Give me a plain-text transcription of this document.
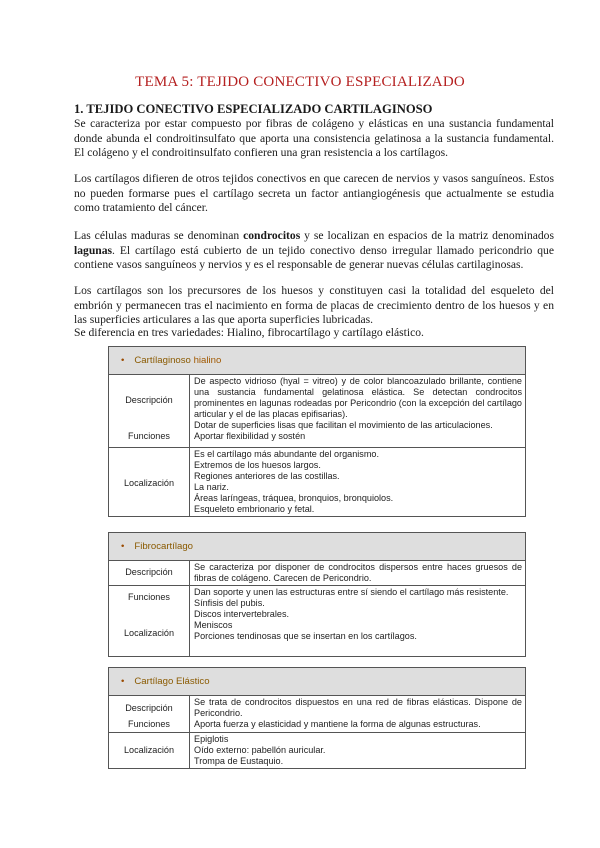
TEMA 5: TEJIDO CONECTIVO ESPECIALIZADO
1. TEJIDO CONECTIVO ESPECIALIZADO CARTILAGINOSO

Se caracteriza por estar compuesto por fibras de colágeno y elásticas en una sustancia fundamental donde abunda el condroitinsulfato que aporta una consistencia gelatinosa a la sustancia fundamental. El colágeno y el condroitinsulfato confieren una gran resistencia a los cartílagos.

Los cartílagos difieren de otros tejidos conectivos en que carecen de nervios y vasos sanguíneos. Estos no pueden formarse pues el cartílago secreta un factor antiangiogénesis que actualmente se estudia como tratamiento del cáncer.

Las células maduras se denominan condrocitos y se localizan en espacios de la matriz denominados lagunas. El cartílago está cubierto de un tejido conectivo denso irregular llamado pericondrio que contiene vasos sanguíneos y nervios y es el responsable de generar nuevas células cartilaginosas.

Los cartílagos son los precursores de los huesos y constituyen casi la totalidad del esqueleto del embrión y permanecen tras el nacimiento en forma de placas de crecimiento dentro de los huesos y en las superficies articulares a las que aporta superficies lubricadas.

Se diferencia en tres variedades: Hialino, fibrocartílago y cartílago elástico.

• Cartílaginoso hialino
Descripción
Funciones

De aspecto vidrioso (hyal = vitreo) y de color blancoazulado brillante, contiene una sustancia fundamental gelatinosa elástica. Se detectan condrocitos prominentes en lagunas rodeadas por Pericondrio (con la excepción del cartílago articular y el de las placas epifisarias).

Dotar de superficies lisas que facilitan el movimiento de las articulaciones.

Aportar flexibilidad y sostén

Localización

Es el cartílago más abundante del organismo.

Extremos de los huesos largos.

Regiones anteriores de las costillas.

La nariz.

Áreas laríngeas, tráquea, bronquios, bronquiolos.

Esqueleto embrionario y fetal.

• Fibrocartílago
Descripción	Se caracteriza por disponer de condrocitos dispersos entre haces gruesos de fibras de colágeno. Carecen de Pericondrio.
Funciones
Localización

Dan soporte y unen las estructuras entre sí siendo el cartílago más resistente.

Sínfisis del pubis.

Discos intervertebrales.

Meniscos

Porciones tendinosas que se insertan en los cartílagos.

• Cartílago Elástico
Descripción
Funciones

Se trata de condrocitos dispuestos en una red de fibras elásticas. Dispone de Pericondrio.

Aporta fuerza y elasticidad y mantiene la forma de algunas estructuras.

Localización

Epiglotis

Oído externo: pabellón auricular.

Trompa de Eustaquio.
